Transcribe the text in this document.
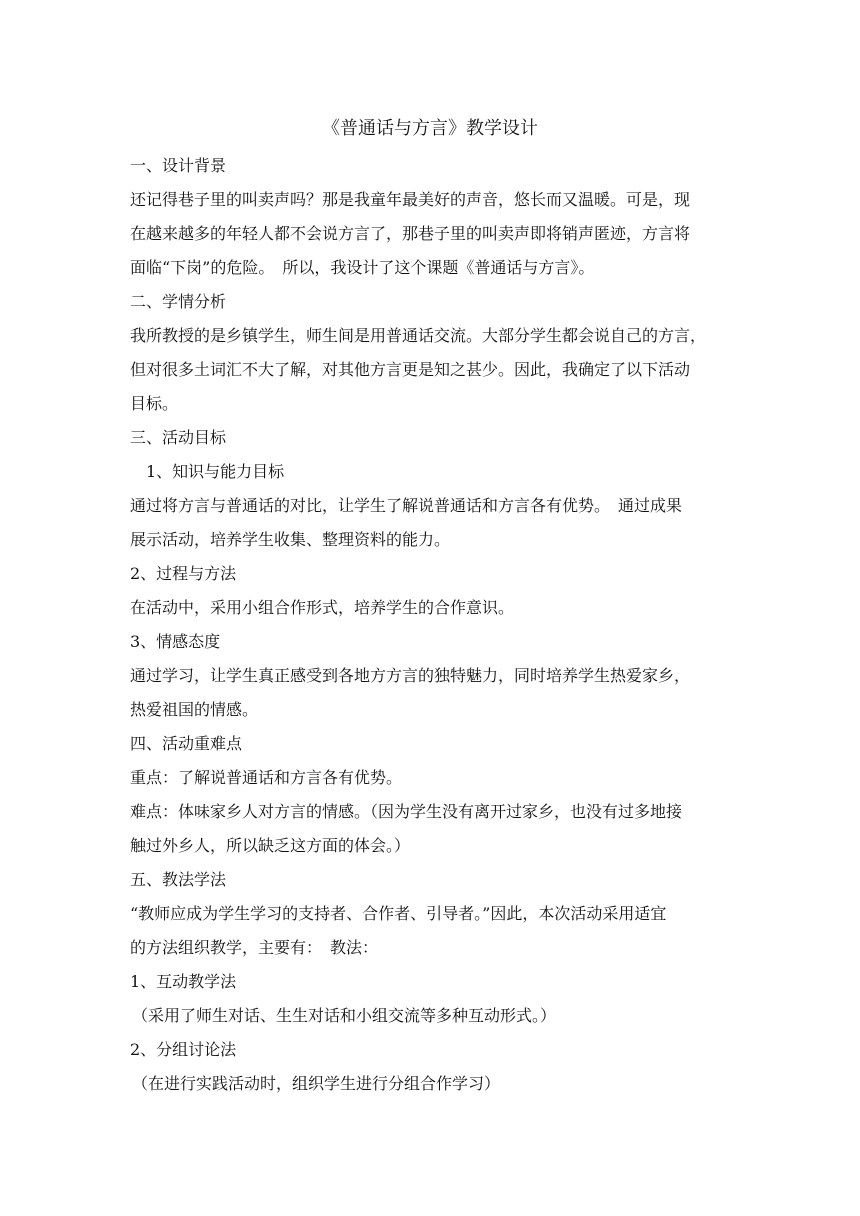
《普通话与方言》教学设计
一、设计背景
还记得巷子里的叫卖声吗？那是我童年最美好的声音，悠长而又温暖。可是，现
在越来越多的年轻人都不会说方言了，那巷子里的叫卖声即将销声匿迹，方言将
面临“下岗”的危险。　所以，我设计了这个课题《普通话与方言》。
二、学情分析
我所教授的是乡镇学生，师生间是用普通话交流。大部分学生都会说自己的方言，
但对很多土词汇不大了解，对其他方言更是知之甚少。因此，我确定了以下活动
目标。
三、活动目标
1、知识与能力目标
通过将方言与普通话的对比，让学生了解说普通话和方言各有优势。　通过成果
展示活动，培养学生收集、整理资料的能力。
2、过程与方法
在活动中，采用小组合作形式，培养学生的合作意识。
3、情感态度
通过学习，让学生真正感受到各地方方言的独特魅力，同时培养学生热爱家乡，
热爱祖国的情感。
四、活动重难点
重点：了解说普通话和方言各有优势。
难点：体味家乡人对方言的情感。（因为学生没有离开过家乡，也没有过多地接
触过外乡人，所以缺乏这方面的体会。）
五、教法学法
“教师应成为学生学习的支持者、合作者、引导者。”因此，本次活动采用适宜
的方法组织教学，主要有：　教法：
1、互动教学法
（采用了师生对话、生生对话和小组交流等多种互动形式。）
2、分组讨论法
（在进行实践活动时，组织学生进行分组合作学习）
